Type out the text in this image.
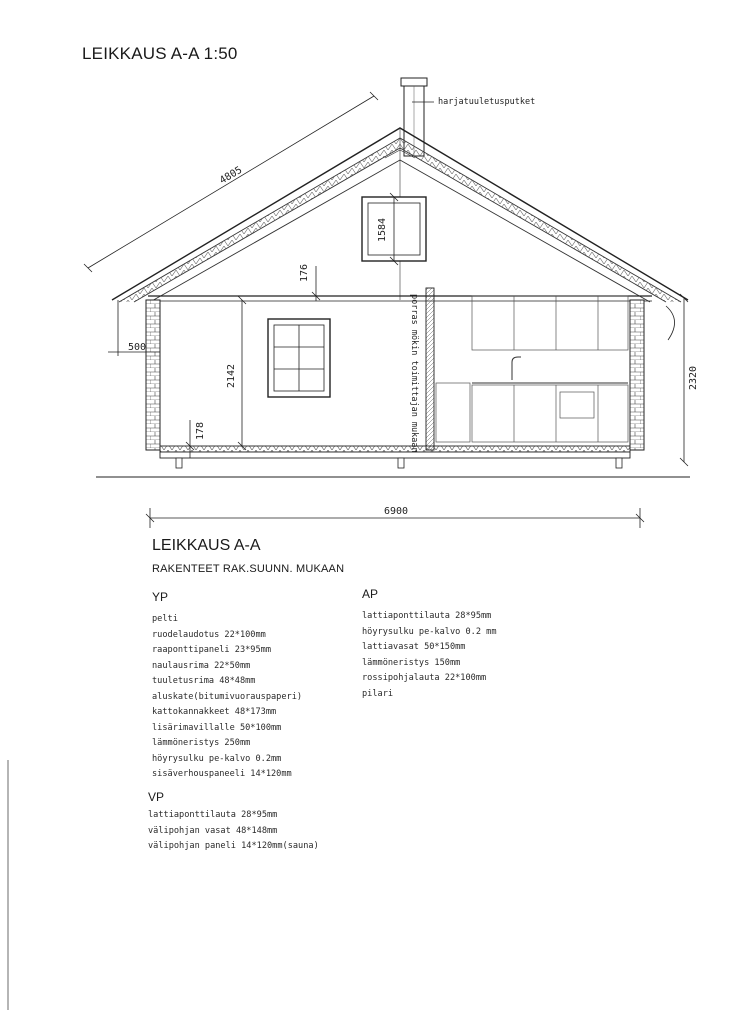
LEIKKAUS A-A 1:50
harjatuuletusputket
4805
1584
176
500
2142
178
2320
6900
porras mökin toimittajan mukaan
LEIKKAUS A-A
RAKENTEET RAK.SUUNN. MUKAAN
YP
pelti
ruodelaudotus 22*100mm
raaponttipaneli 23*95mm
naulausrima 22*50mm
tuuletusrima 48*48mm
aluskate(bitumivuorauspaperi)
kattokannakkeet 48*173mm
lisärimavillalle 50*100mm
lämmöneristys 250mm
höyrysulku pe-kalvo 0.2mm
sisäverhouspaneeli 14*120mm
AP
lattiaponttilauta 28*95mm
höyrysulku pe-kalvo 0.2 mm
lattiavasat 50*150mm
lämmöneristys 150mm
rossipohjalauta 22*100mm
pilari
VP
lattiaponttilauta 28*95mm
välipohjan vasat 48*148mm
välipohjan paneli 14*120mm(sauna)
